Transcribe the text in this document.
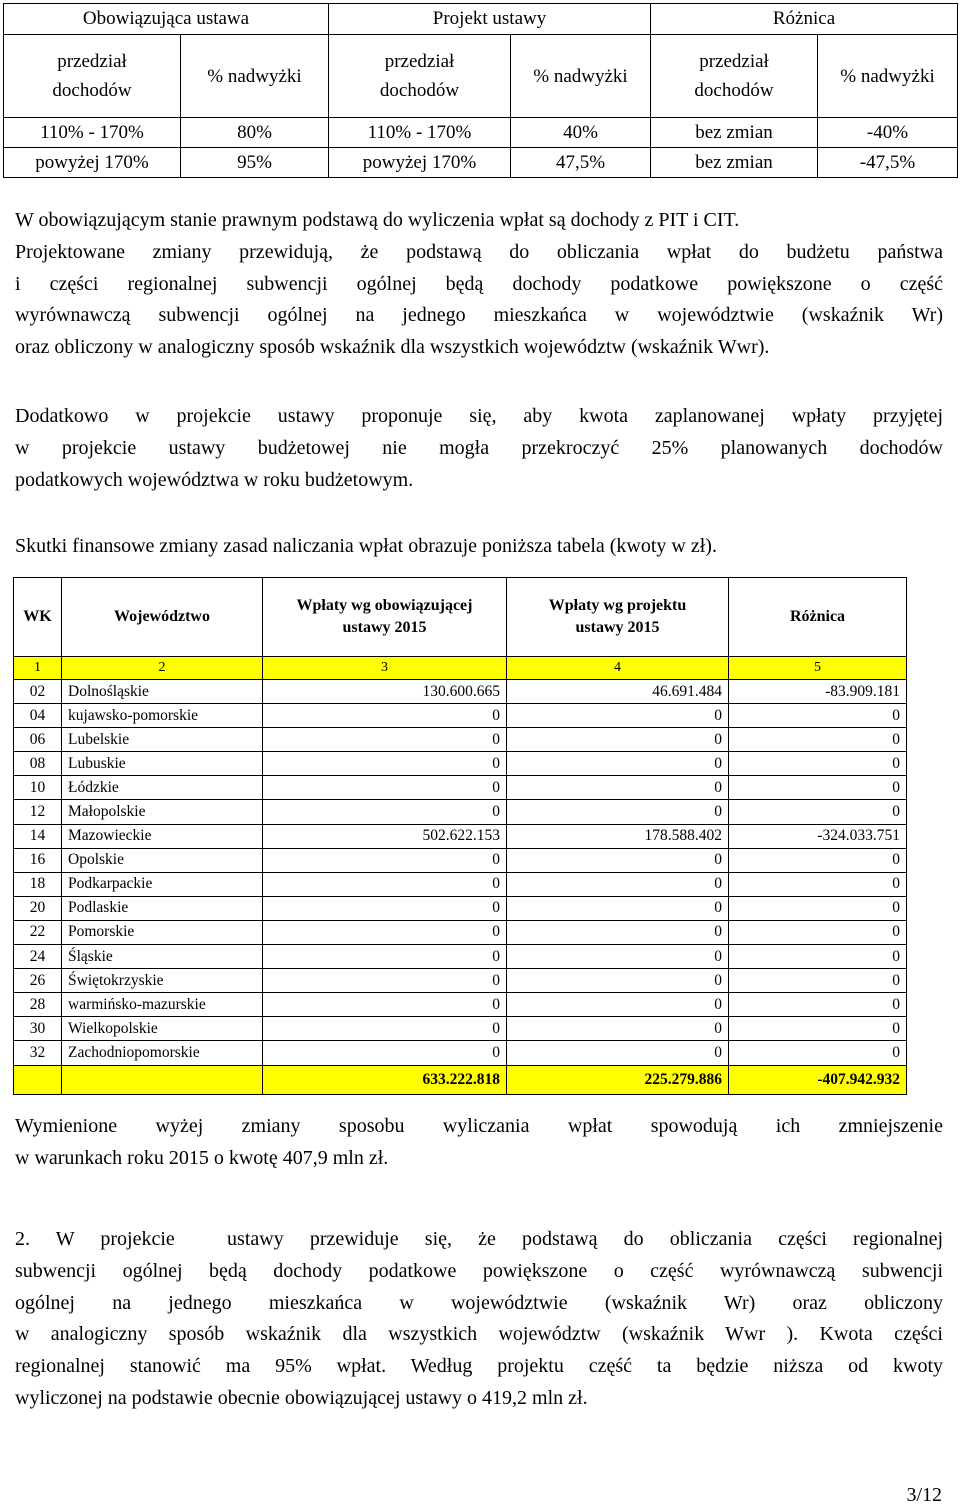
Obowiązująca ustawa		Projekt ustawy		Różnica	
przedział dochodów	% nadwyżki	przedział dochodów	% nadwyżki	przedział dochodów	% nadwyżki
110% - 170%	80%	110% - 170%	40%	bez zmian	-40%
powyżej 170%	95%	powyżej 170%	47,5%	bez zmian	-47,5%
W obowiązującym stanie prawnym podstawą do wyliczenia wpłat są dochody z PIT i CIT.
Projektowane zmiany przewidują, że podstawą do obliczania wpłat do budżetu państwa
i części regionalnej subwencji ogólnej będą dochody podatkowe powiększone o część
wyrównawczą subwencji ogólnej na jednego mieszkańca w województwie (wskaźnik Wr)
oraz obliczony w analogiczny sposób wskaźnik dla wszystkich województw (wskaźnik Wwr).
Dodatkowo w projekcie ustawy proponuje się, aby kwota zaplanowanej wpłaty przyjętej
w projekcie ustawy budżetowej nie mogła przekroczyć 25% planowanych dochodów
podatkowych województwa w roku budżetowym.
Skutki finansowe zmiany zasad naliczania wpłat obrazuje poniższa tabela (kwoty w zł).
WK	Województwo	Wpłaty wg obowiązującej ustawy 2015	Wpłaty wg projektu ustawy 2015	Różnica
1	2	3	4	5
02	Dolnośląskie	130.600.665	46.691.484	-83.909.181
04	kujawsko-pomorskie	0	0	0
06	Lubelskie	0	0	0
08	Lubuskie	0	0	0
10	Łódzkie	0	0	0
12	Małopolskie	0	0	0
14	Mazowieckie	502.622.153	178.588.402	-324.033.751
16	Opolskie	0	0	0
18	Podkarpackie	0	0	0
20	Podlaskie	0	0	0
22	Pomorskie	0	0	0
24	Śląskie	0	0	0
26	Świętokrzyskie	0	0	0
28	warmińsko-mazurskie	0	0	0
30	Wielkopolskie	0	0	0
32	Zachodniopomorskie	0	0	0
		633.222.818	225.279.886	-407.942.932
Wymienione wyżej zmiany sposobu wyliczania wpłat spowodują ich zmniejszenie
w warunkach roku 2015 o kwotę 407,9 mln zł.
2. W projekcie  ustawy przewiduje się, że podstawą do obliczania części regionalnej
subwencji ogólnej będą dochody podatkowe powiększone o część wyrównawczą subwencji
ogólnej na jednego mieszkańca w województwie (wskaźnik Wr) oraz obliczony
w analogiczny sposób wskaźnik dla wszystkich województw (wskaźnik Wwr ). Kwota części
regionalnej stanowić ma 95% wpłat. Według projektu część ta będzie niższa od kwoty
wyliczonej na podstawie obecnie obowiązującej ustawy o 419,2 mln zł.
3/12
